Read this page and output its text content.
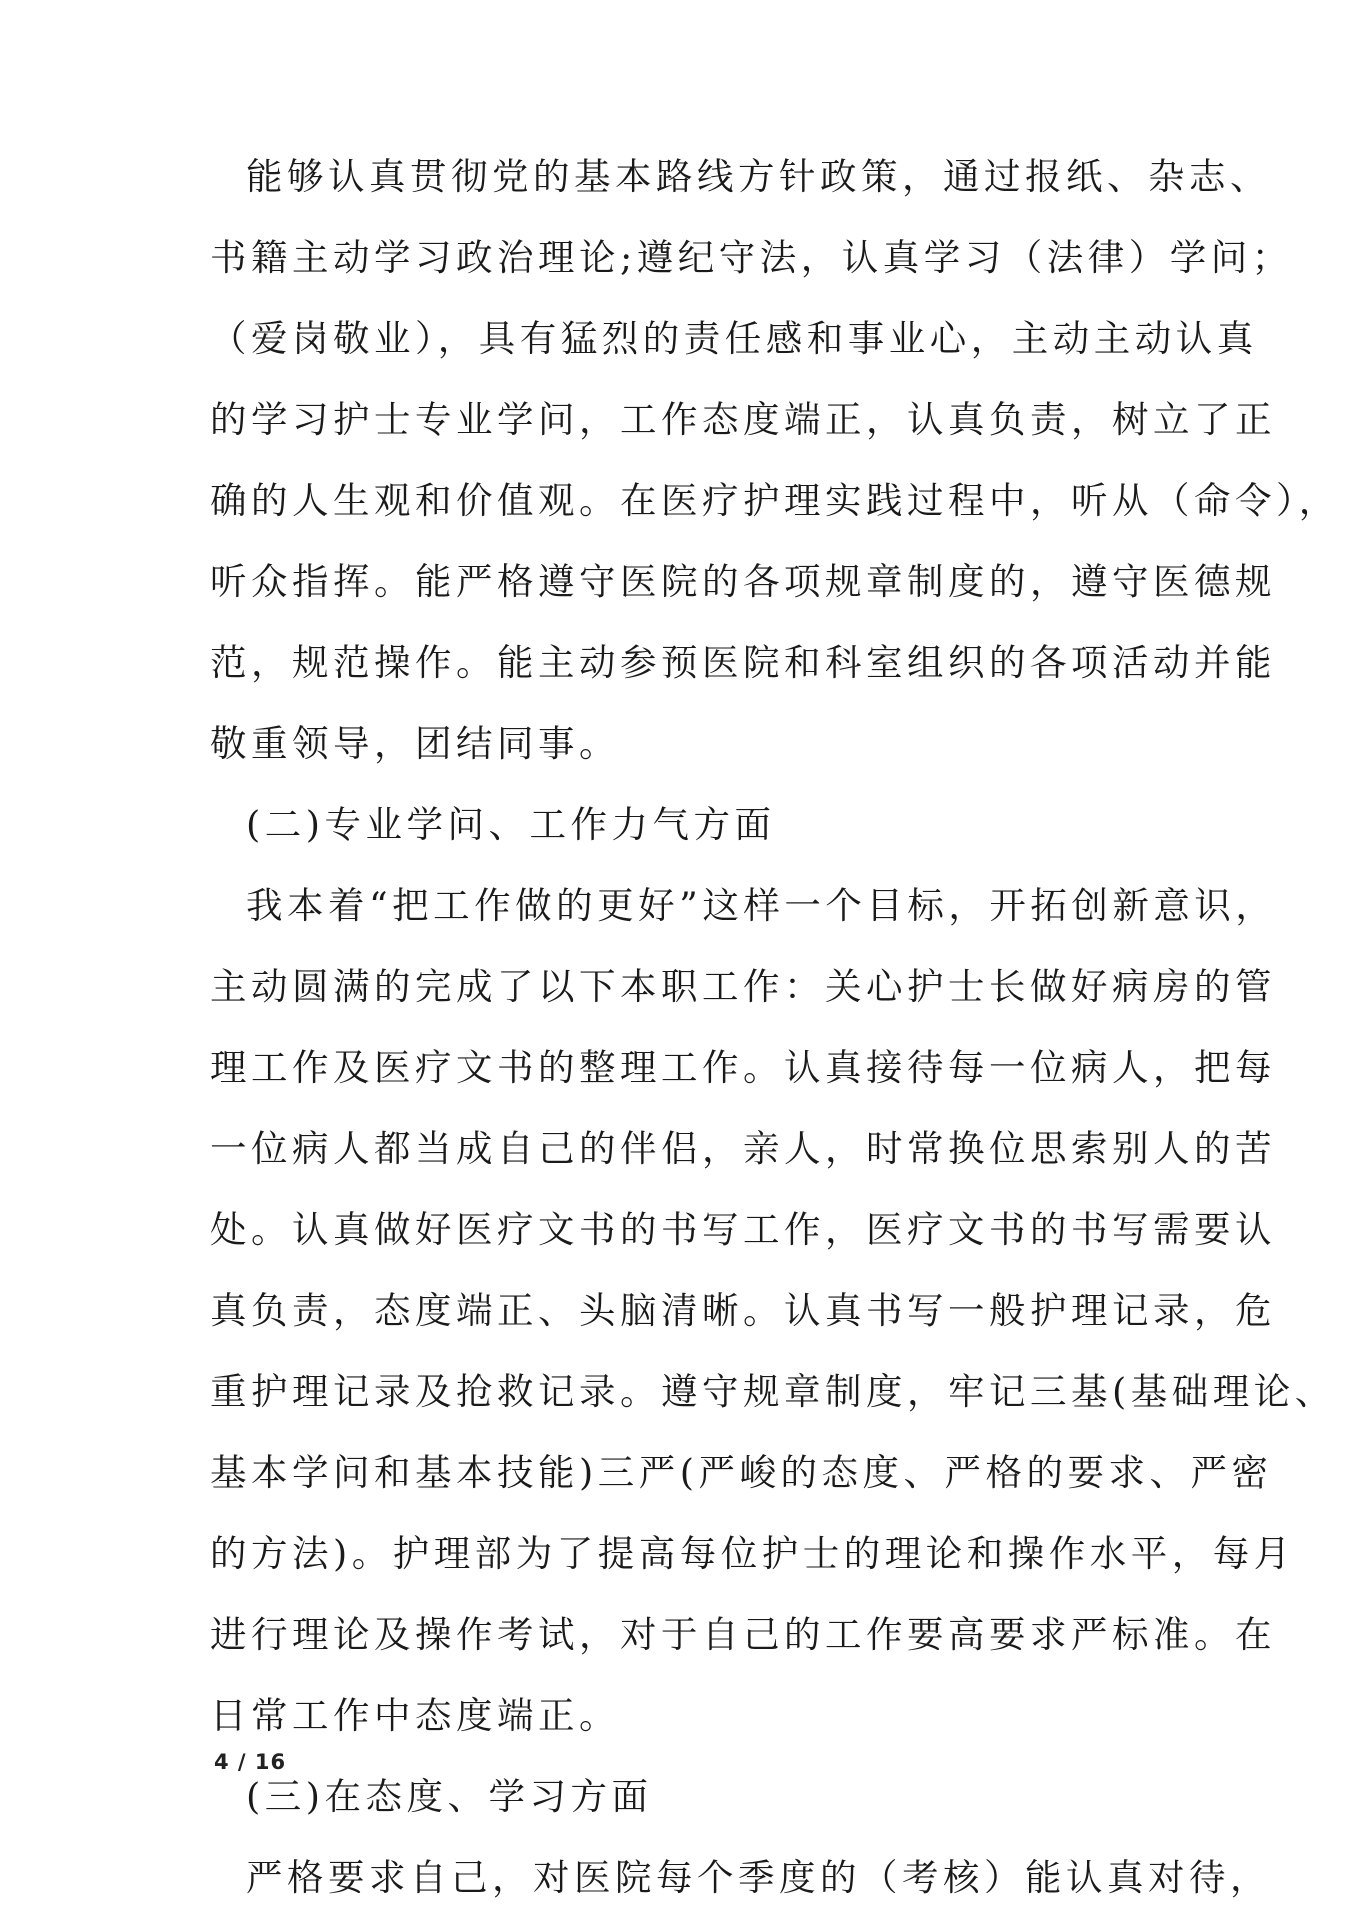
能够认真贯彻党的基本路线方针政策，通过报纸、杂志、
书籍主动学习政治理论;遵纪守法，认真学习（法律）学问；
（爱岗敬业），具有猛烈的责任感和事业心，主动主动认真
的学习护士专业学问，工作态度端正，认真负责，树立了正
确的人生观和价值观。在医疗护理实践过程中，听从（命令），
听众指挥。能严格遵守医院的各项规章制度的，遵守医德规
范，规范操作。能主动参预医院和科室组织的各项活动并能
敬重领导，团结同事。
(二)专业学问、工作力气方面
我本着“把工作做的更好”这样一个目标，开拓创新意识，
主动圆满的完成了以下本职工作：关心护士长做好病房的管
理工作及医疗文书的整理工作。认真接待每一位病人，把每
一位病人都当成自己的伴侣，亲人，时常换位思索别人的苦
处。认真做好医疗文书的书写工作，医疗文书的书写需要认
真负责，态度端正、头脑清晰。认真书写一般护理记录，危
重护理记录及抢救记录。遵守规章制度，牢记三基(基础理论、
基本学问和基本技能)三严(严峻的态度、严格的要求、严密
的方法)。护理部为了提高每位护士的理论和操作水平，每月
进行理论及操作考试，对于自己的工作要高要求严标准。在
日常工作中态度端正。
(三)在态度、学习方面
严格要求自己，对医院每个季度的（考核）能认真对待，
4 / 16
